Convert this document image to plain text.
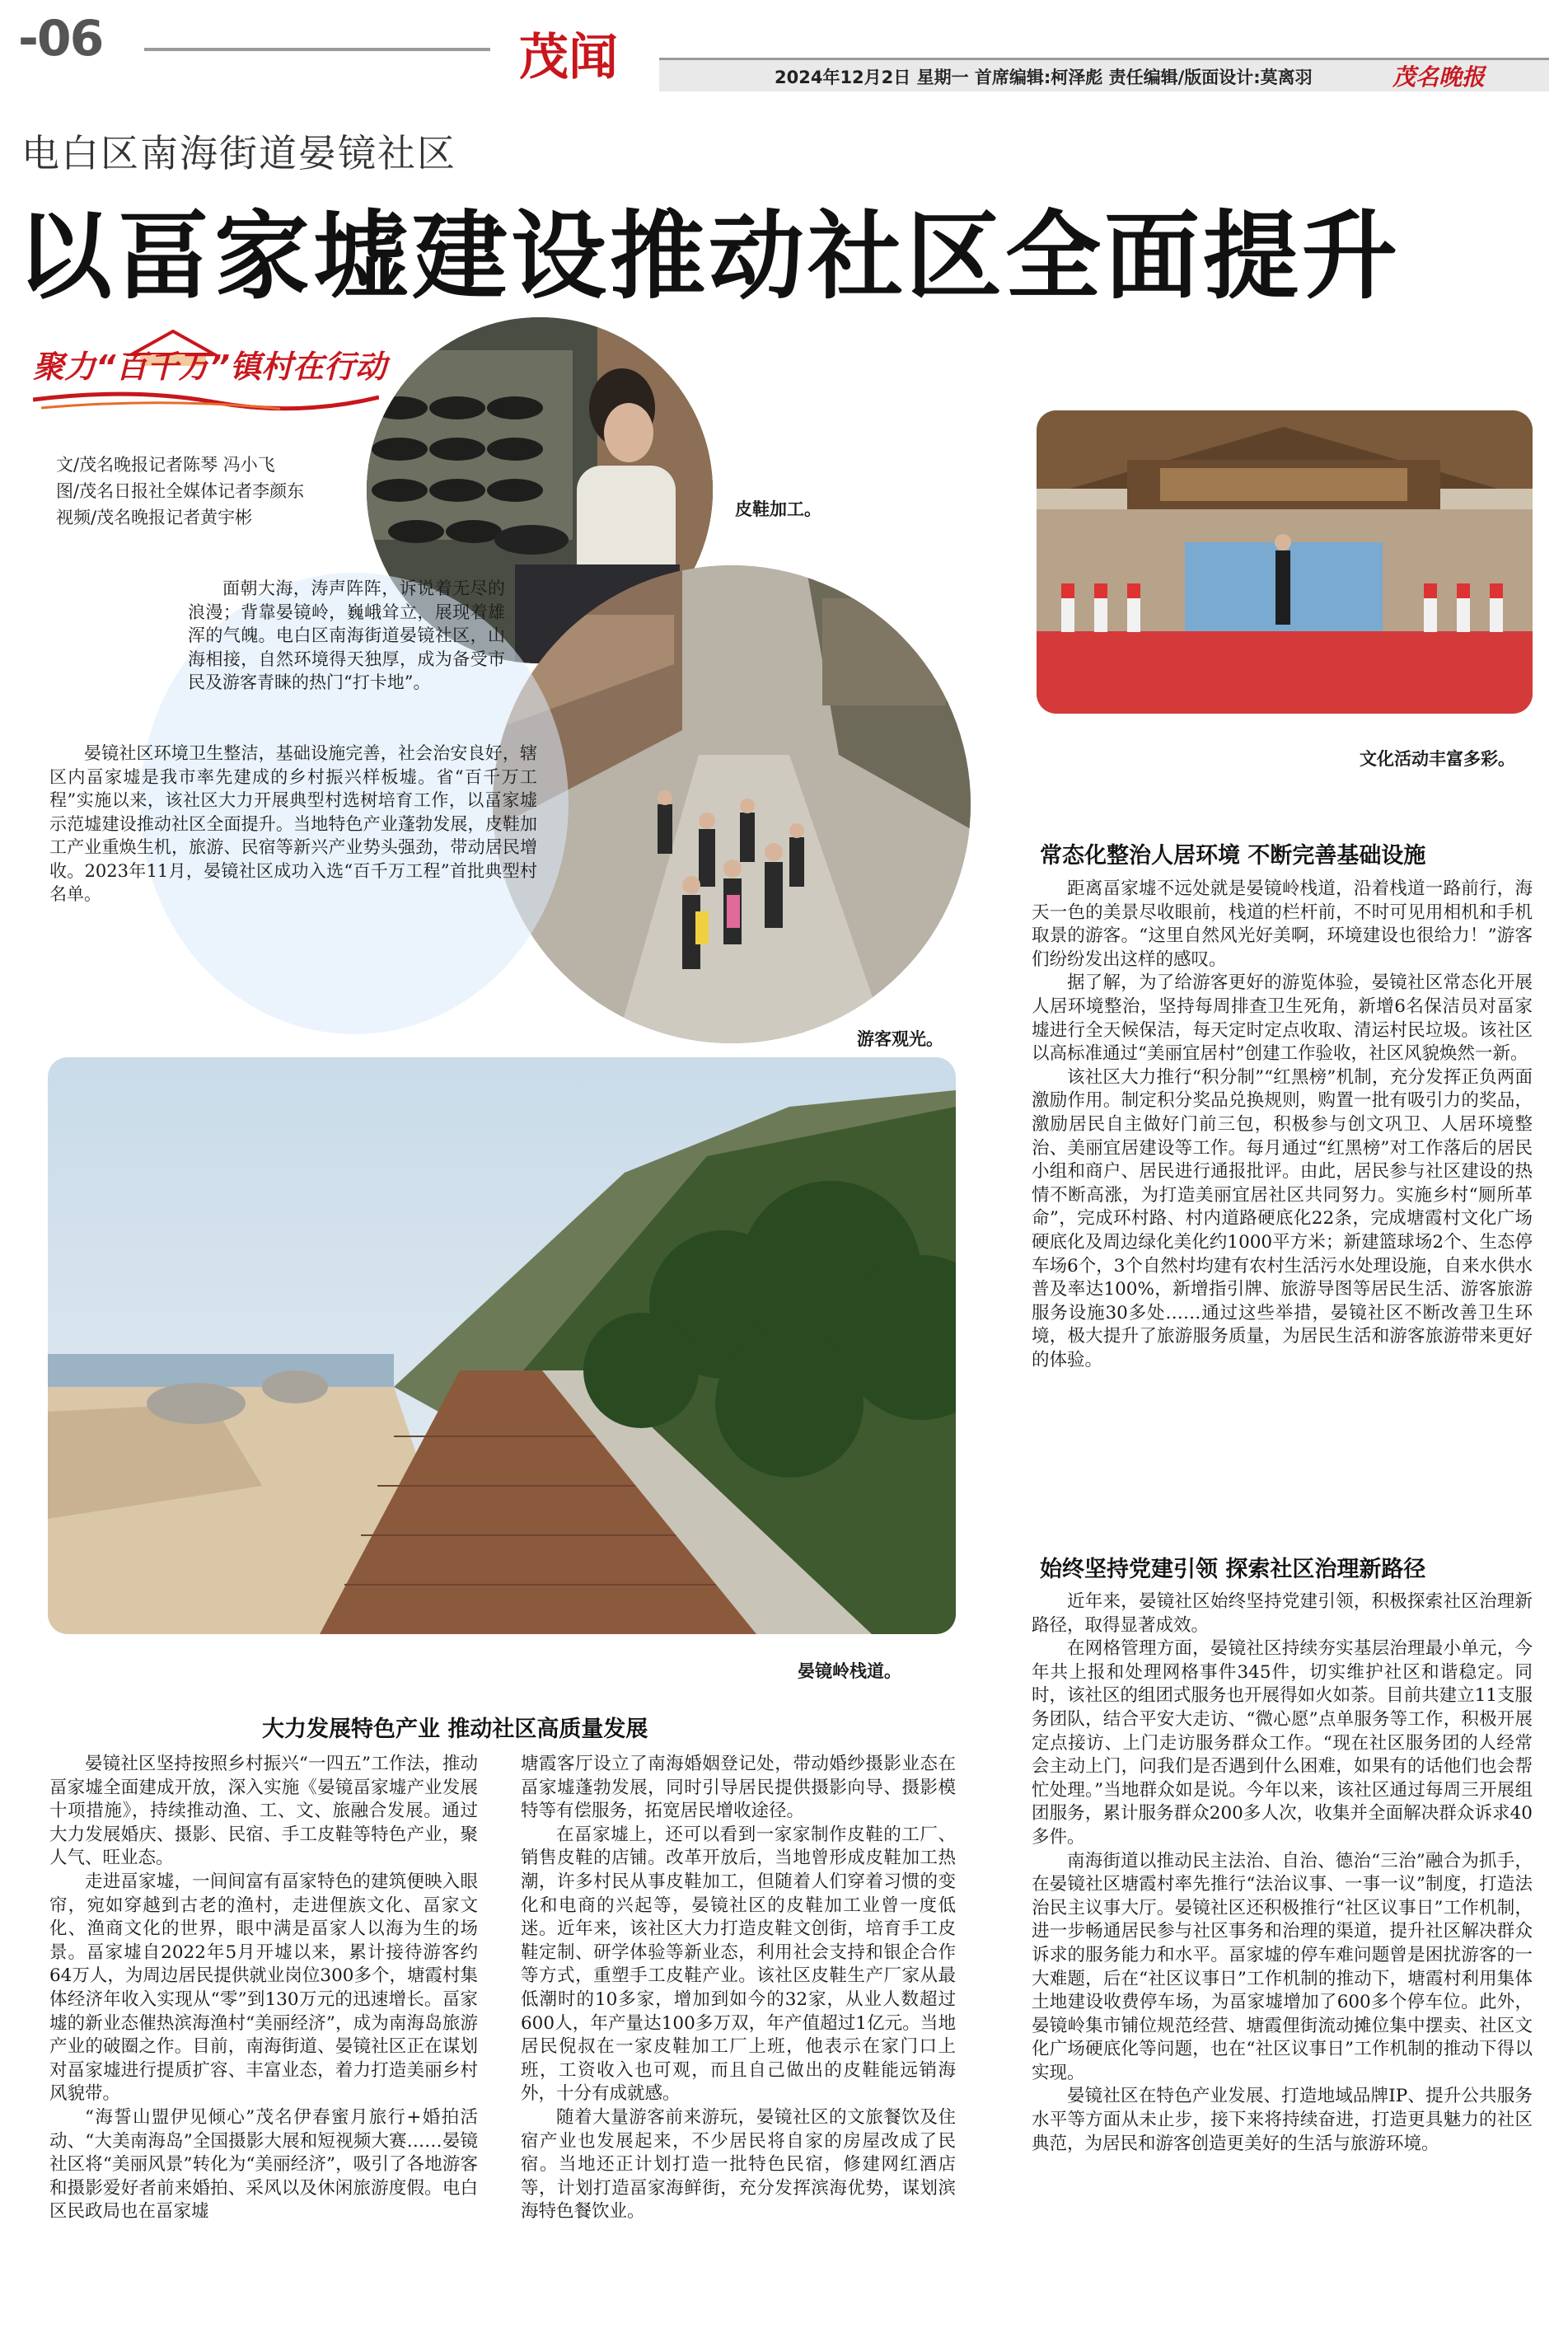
-06	茂闻	2024年12月2日 星期一 首席编辑:柯泽彪 责任编辑/版面设计:莫离羽	茂名晚报
电白区南海街道晏镜社区
以畐家墟建设推动社区全面提升
聚力“百千万”镇村在行动
文/茂名晚报记者陈琴 冯小飞
图/茂名日报社全媒体记者李颜东
视频/茂名晚报记者黄宇彬	皮鞋加工。
文化活动丰富多彩。
游客观光。

面朝大海，涛声阵阵，诉说着无尽的浪漫；背靠晏镜岭，巍峨耸立，展现着雄浑的气魄。电白区南海街道晏镜社区，山海相接，自然环境得天独厚，成为备受市民及游客青睐的热门“打卡地”。

晏镜社区环境卫生整洁，基础设施完善，社会治安良好，辖区内畐家墟是我市率先建成的乡村振兴样板墟。省“百千万工程”实施以来，该社区大力开展典型村选树培育工作，以畐家墟示范墟建设推动社区全面提升。当地特色产业蓬勃发展，皮鞋加工产业重焕生机，旅游、民宿等新兴产业势头强劲，带动居民增收。2023年11月，晏镜社区成功入选“百千万工程”首批典型村名单。

晏镜岭栈道。
常态化整治人居环境 不断完善基础设施

距离畐家墟不远处就是晏镜岭栈道，沿着栈道一路前行，海天一色的美景尽收眼前，栈道的栏杆前，不时可见用相机和手机取景的游客。“这里自然风光好美啊，环境建设也很给力！”游客们纷纷发出这样的感叹。

据了解，为了给游客更好的游览体验，晏镜社区常态化开展人居环境整治，坚持每周排查卫生死角，新增6名保洁员对畐家墟进行全天候保洁，每天定时定点收取、清运村民垃圾。该社区以高标准通过“美丽宜居村”创建工作验收，社区风貌焕然一新。

该社区大力推行“积分制”“红黑榜”机制，充分发挥正负两面激励作用。制定积分奖品兑换规则，购置一批有吸引力的奖品，激励居民自主做好门前三包，积极参与创文巩卫、人居环境整治、美丽宜居建设等工作。每月通过“红黑榜”对工作落后的居民小组和商户、居民进行通报批评。由此，居民参与社区建设的热情不断高涨，为打造美丽宜居社区共同努力。实施乡村“厕所革命”，完成环村路、村内道路硬底化22条，完成塘霞村文化广场硬底化及周边绿化美化约1000平方米；新建篮球场2个、生态停车场6个，3个自然村均建有农村生活污水处理设施，自来水供水普及率达100%，新增指引牌、旅游导图等居民生活、游客旅游服务设施30多处……通过这些举措，晏镜社区不断改善卫生环境，极大提升了旅游服务质量，为居民生活和游客旅游带来更好的体验。

始终坚持党建引领 探索社区治理新路径

近年来，晏镜社区始终坚持党建引领，积极探索社区治理新路径，取得显著成效。

在网格管理方面，晏镜社区持续夯实基层治理最小单元，今年共上报和处理网格事件345件，切实维护社区和谐稳定。同时，该社区的组团式服务也开展得如火如荼。目前共建立11支服务团队，结合平安大走访、“微心愿”点单服务等工作，积极开展定点接访、上门走访服务群众工作。“现在社区服务团的人经常会主动上门，问我们是否遇到什么困难，如果有的话他们也会帮忙处理。”当地群众如是说。今年以来，该社区通过每周三开展组团服务，累计服务群众200多人次，收集并全面解决群众诉求40多件。

南海街道以推动民主法治、自治、德治“三治”融合为抓手，在晏镜社区塘霞村率先推行“法治议事、一事一议”制度，打造法治民主议事大厅。晏镜社区还积极推行“社区议事日”工作机制，进一步畅通居民参与社区事务和治理的渠道，提升社区解决群众诉求的服务能力和水平。畐家墟的停车难问题曾是困扰游客的一大难题，后在“社区议事日”工作机制的推动下，塘霞村利用集体土地建设收费停车场，为畐家墟增加了600多个停车位。此外，晏镜岭集市铺位规范经营、塘霞俚街流动摊位集中摆卖、社区文化广场硬底化等问题，也在“社区议事日”工作机制的推动下得以实现。

晏镜社区在特色产业发展、打造地域品牌IP、提升公共服务水平等方面从未止步，接下来将持续奋进，打造更具魅力的社区典范，为居民和游客创造更美好的生活与旅游环境。

大力发展特色产业 推动社区高质量发展

晏镜社区坚持按照乡村振兴“一四五”工作法，推动畐家墟全面建成开放，深入实施《晏镜畐家墟产业发展十项措施》，持续推动渔、工、文、旅融合发展。通过大力发展婚庆、摄影、民宿、手工皮鞋等特色产业，聚人气、旺业态。

走进畐家墟，一间间富有畐家特色的建筑便映入眼帘，宛如穿越到古老的渔村，走进俚族文化、畐家文化、渔商文化的世界，眼中满是畐家人以海为生的场景。畐家墟自2022年5月开墟以来，累计接待游客约64万人，为周边居民提供就业岗位300多个，塘霞村集体经济年收入实现从“零”到130万元的迅速增长。畐家墟的新业态催热滨海渔村“美丽经济”，成为南海岛旅游产业的破圈之作。目前，南海街道、晏镜社区正在谋划对畐家墟进行提质扩容、丰富业态，着力打造美丽乡村风貌带。

“海誓山盟伊见倾心”茂名伊春蜜月旅行+婚拍活动、“大美南海岛”全国摄影大展和短视频大赛……晏镜社区将“美丽风景”转化为“美丽经济”，吸引了各地游客和摄影爱好者前来婚拍、采风以及休闲旅游度假。电白区民政局也在畐家墟

塘霞客厅设立了南海婚姻登记处，带动婚纱摄影业态在畐家墟蓬勃发展，同时引导居民提供摄影向导、摄影模特等有偿服务，拓宽居民增收途径。

在畐家墟上，还可以看到一家家制作皮鞋的工厂、销售皮鞋的店铺。改革开放后，当地曾形成皮鞋加工热潮，许多村民从事皮鞋加工，但随着人们穿着习惯的变化和电商的兴起等，晏镜社区的皮鞋加工业曾一度低迷。近年来，该社区大力打造皮鞋文创街，培育手工皮鞋定制、研学体验等新业态，利用社会支持和银企合作等方式，重塑手工皮鞋产业。该社区皮鞋生产厂家从最低潮时的10多家，增加到如今的32家，从业人数超过600人，年产量达100多万双，年产值超过1亿元。当地居民倪叔在一家皮鞋加工厂上班，他表示在家门口上班，工资收入也可观，而且自己做出的皮鞋能远销海外，十分有成就感。

随着大量游客前来游玩，晏镜社区的文旅餐饮及住宿产业也发展起来，不少居民将自家的房屋改成了民宿。当地还正计划打造一批特色民宿，修建网红酒店等，计划打造畐家海鲜街，充分发挥滨海优势，谋划滨海特色餐饮业。
